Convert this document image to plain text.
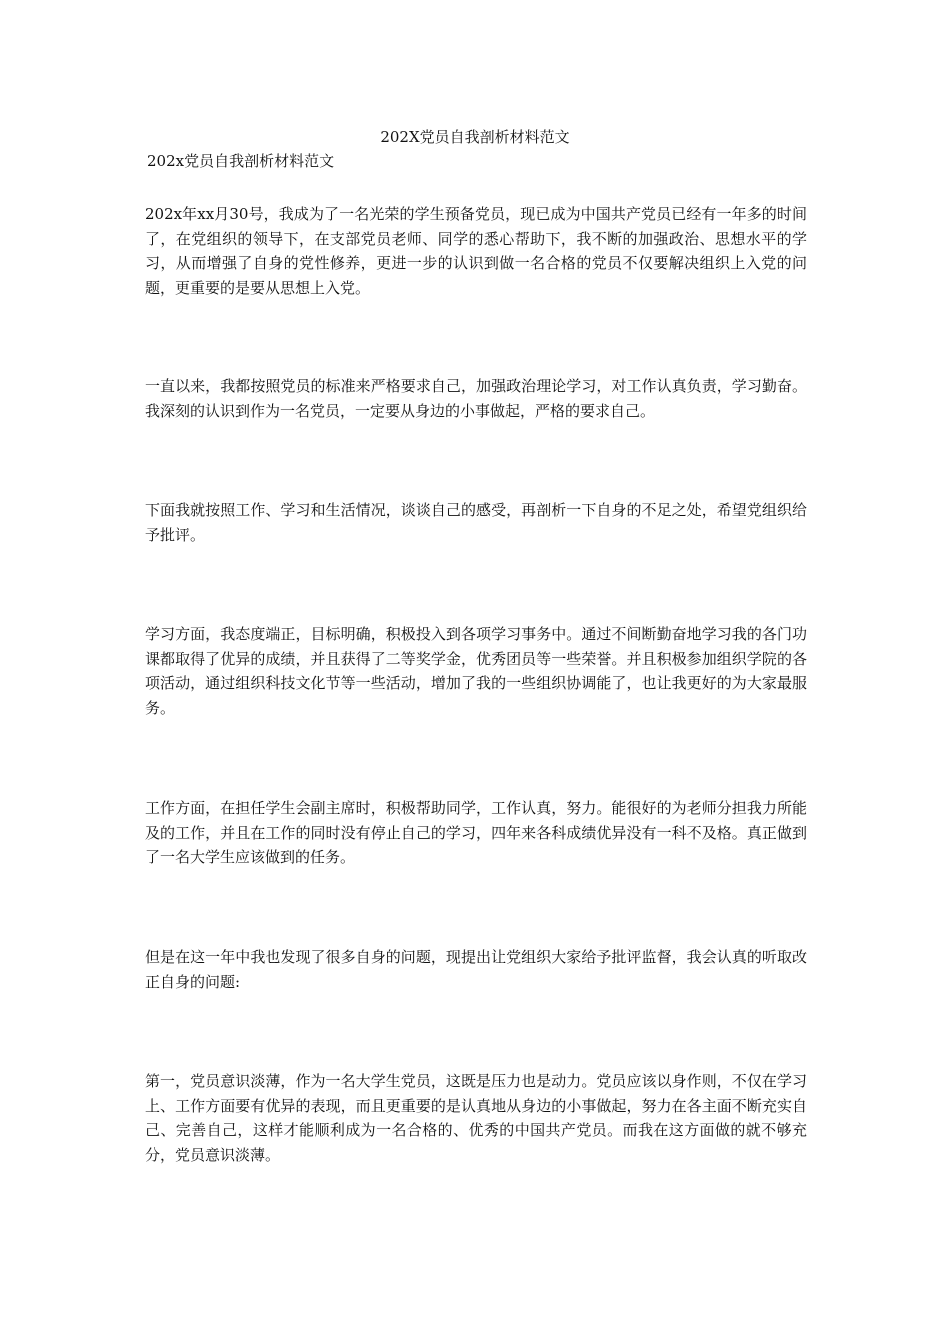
202X党员自我剖析材料范文
202x党员自我剖析材料范文

202x年xx月30号，我成为了一名光荣的学生预备党员，现已成为中国共产党员已经有一年多的时间了，在党组织的领导下，在支部党员老师、同学的悉心帮助下，我不断的加强政治、思想水平的学习，从而增强了自身的党性修养，更进一步的认识到做一名合格的党员不仅要解决组织上入党的问题，更重要的是要从思想上入党。

一直以来，我都按照党员的标准来严格要求自己，加强政治理论学习，对工作认真负责，学习勤奋。我深刻的认识到作为一名党员，一定要从身边的小事做起，严格的要求自己。

下面我就按照工作、学习和生活情况，谈谈自己的感受，再剖析一下自身的不足之处，希望党组织给予批评。

学习方面，我态度端正，目标明确，积极投入到各项学习事务中。通过不间断勤奋地学习我的各门功课都取得了优异的成绩，并且获得了二等奖学金，优秀团员等一些荣誉。并且积极参加组织学院的各项活动，通过组织科技文化节等一些活动，增加了我的一些组织协调能了，也让我更好的为大家最服务。

工作方面，在担任学生会副主席时，积极帮助同学，工作认真，努力。能很好的为老师分担我力所能及的工作，并且在工作的同时没有停止自己的学习，四年来各科成绩优异没有一科不及格。真正做到了一名大学生应该做到的任务。

但是在这一年中我也发现了很多自身的问题，现提出让党组织大家给予批评监督，我会认真的听取改正自身的问题:

第一，党员意识淡薄，作为一名大学生党员，这既是压力也是动力。党员应该以身作则，不仅在学习上、工作方面要有优异的表现，而且更重要的是认真地从身边的小事做起，努力在各主面不断充实自己、完善自己，这样才能顺利成为一名合格的、优秀的中国共产党员。而我在这方面做的就不够充分，党员意识淡薄。
